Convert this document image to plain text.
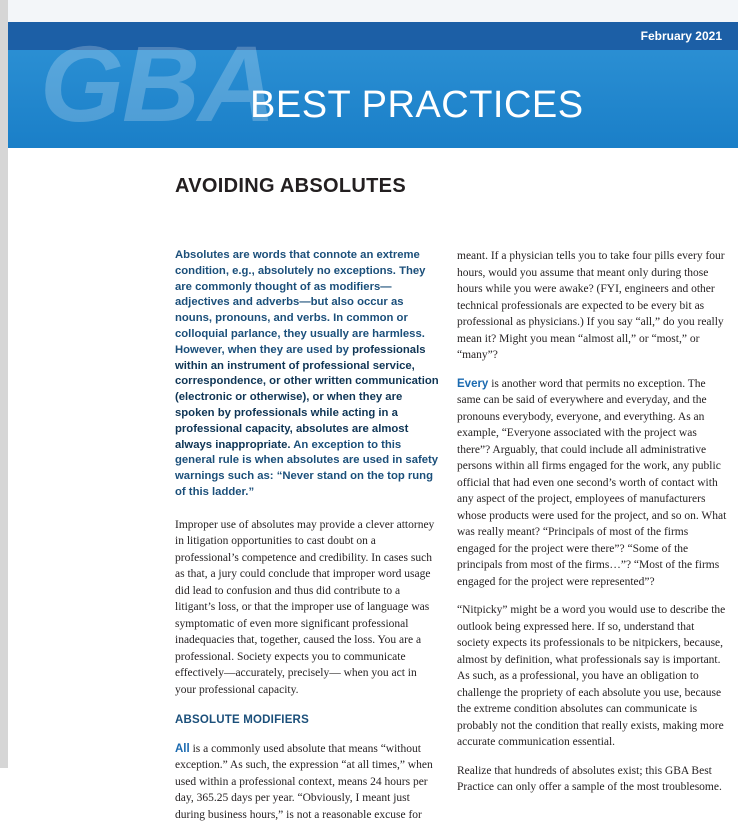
GBA	February 2021
BEST PRACTICES
AVOIDING ABSOLUTES

Absolutes are words that connote an extreme condition, e.g., absolutely no exceptions. They are commonly thought of as modifiers—adjectives and adverbs—but also occur as nouns, pronouns, and verbs. In common or colloquial parlance, they usually are harmless. However, when they are used by professionals within an instrument of professional service, correspondence, or other written communication (electronic or otherwise), or when they are spoken by professionals while acting in a professional capacity, absolutes are almost always inappropriate. An exception to this general rule is when absolutes are used in safety warnings such as: “Never stand on the top rung of this ladder.”

Improper use of absolutes may provide a clever attorney in litigation opportunities to cast doubt on a professional’s competence and credibility. In cases such as that, a jury could conclude that improper word usage did lead to confusion and thus did contribute to a litigant’s loss, or that the improper use of language was symptomatic of even more significant professional inadequacies that, together, caused the loss. You are a professional. Society expects you to communicate effectively—accurately, precisely— when you act in your professional capacity.

ABSOLUTE MODIFIERS

All is a commonly used absolute that means “without exception.” As such, the expression “at all times,” when used within a professional context, means 24 hours per day, 365.25 days per year. “Obviously, I meant just during business hours,” is not a reasonable excuse for

meant. If a physician tells you to take four pills every four hours, would you assume that meant only during those hours while you were awake? (FYI, engineers and other technical professionals are expected to be every bit as professional as physicians.) If you say “all,” do you really mean it? Might you mean “almost all,” or “most,” or “many”?

Every is another word that permits no exception. The same can be said of everywhere and everyday, and the pronouns everybody, everyone, and everything. As an example, “Everyone associated with the project was there”? Arguably, that could include all administrative persons within all firms engaged for the work, any public official that had even one second’s worth of contact with any aspect of the project, employees of manufacturers whose products were used for the project, and so on. What was really meant? “Principals of most of the firms engaged for the project were there”? “Some of the principals from most of the firms…”? “Most of the firms engaged for the project were represented”?

“Nitpicky” might be a word you would use to describe the outlook being expressed here. If so, understand that society expects its professionals to be nitpickers, because, almost by definition, what professionals say is important. As such, as a professional, you have an obligation to challenge the propriety of each absolute you use, because the extreme condition absolutes can communicate is probably not the condition that really exists, making more accurate communication essential.

Realize that hundreds of absolutes exist; this GBA Best Practice can only offer a sample of the most troublesome.
